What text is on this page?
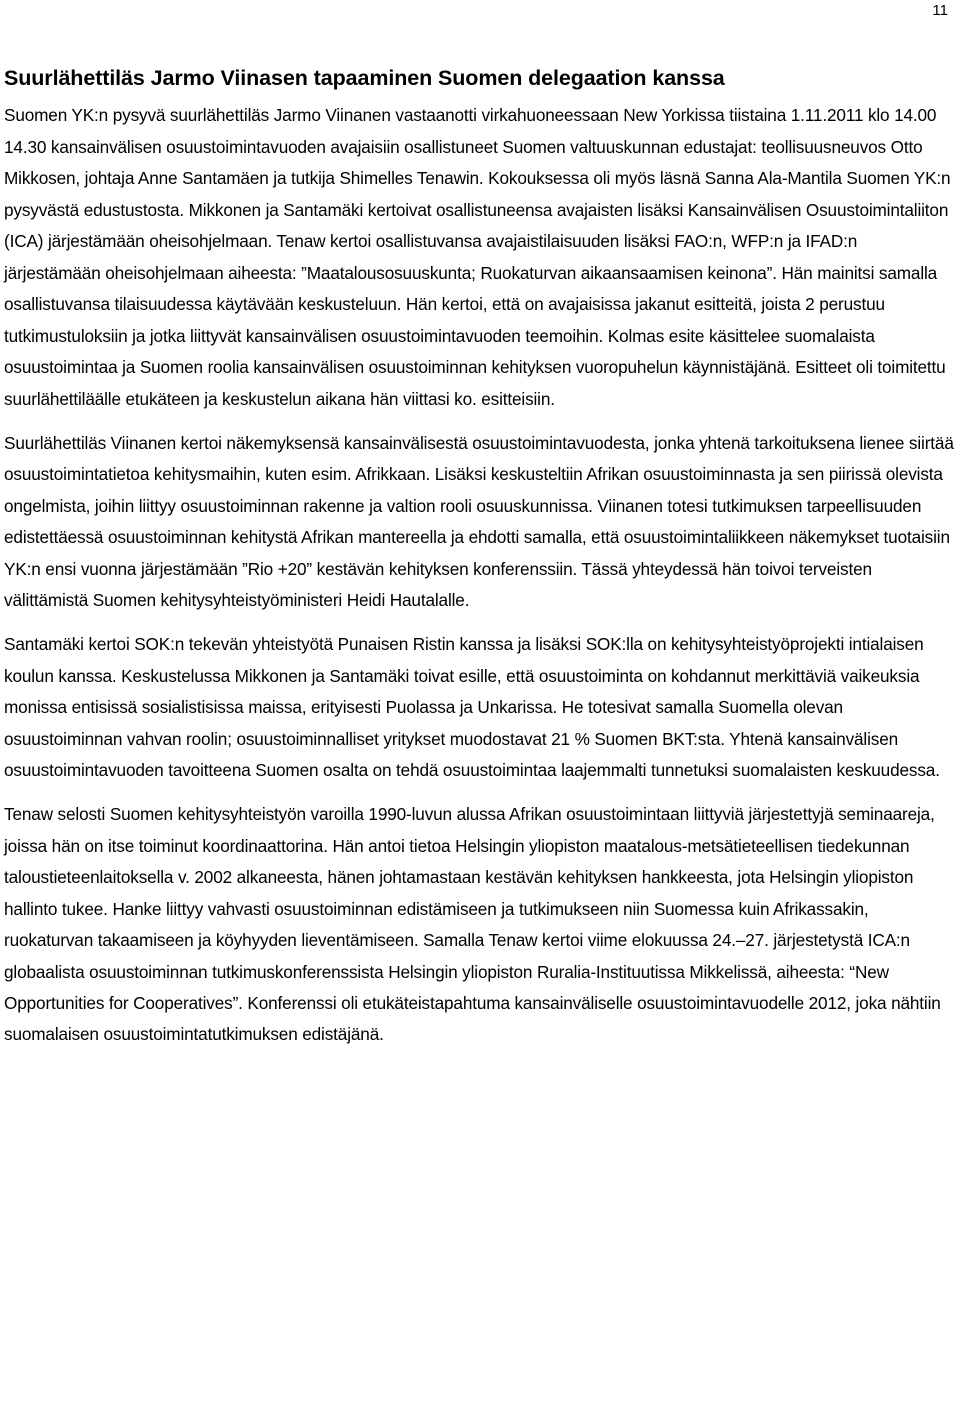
11
Suurlähettiläs Jarmo Viinasen tapaaminen Suomen delegaation kanssa

Suomen YK:n pysyvä suurlähettiläs Jarmo Viinanen vastaanotti virkahuoneessaan New Yorkissa tiistaina 1.11.2011 klo 14.00 14.30 kansainvälisen osuustoimintavuoden avajaisiin osallistuneet Suomen valtuuskunnan edustajat: teollisuusneuvos Otto Mikkosen, johtaja Anne Santamäen ja tutkija Shimelles Tenawin. Kokouksessa oli myös läsnä Sanna Ala-Mantila Suomen YK:n pysyvästä edustustosta. Mikkonen ja Santamäki kertoivat osallistuneensa avajaisten lisäksi Kansainvälisen Osuustoimintaliiton (ICA) järjestämään oheisohjelmaan. Tenaw kertoi osallistuvansa avajaistilaisuuden lisäksi FAO:n, WFP:n ja IFAD:n järjestämään oheisohjelmaan aiheesta: ”Maatalousosuuskunta; Ruokaturvan aikaansaamisen keinona”. Hän mainitsi samalla osallistuvansa tilaisuudessa käytävään keskusteluun. Hän kertoi, että on avajaisissa jakanut esitteitä, joista 2 perustuu tutkimustuloksiin ja jotka liittyvät kansainvälisen osuustoimintavuoden teemoihin. Kolmas esite käsittelee suomalaista osuustoimintaa ja Suomen roolia kansainvälisen osuustoiminnan kehityksen vuoropuhelun käynnistäjänä. Esitteet oli toimitettu suurlähettiläälle etukäteen ja keskustelun aikana hän viittasi ko. esitteisiin.

Suurlähettiläs Viinanen kertoi näkemyksensä kansainvälisestä osuustoimintavuodesta, jonka yhtenä tarkoituksena lienee siirtää osuustoimintatietoa kehitysmaihin, kuten esim. Afrikkaan. Lisäksi keskusteltiin Afrikan osuustoiminnasta ja sen piirissä olevista ongelmista, joihin liittyy osuustoiminnan rakenne ja valtion rooli osuuskunnissa. Viinanen totesi tutkimuksen tarpeellisuuden edistettäessä osuustoiminnan kehitystä Afrikan mantereella ja ehdotti samalla, että osuustoimintaliikkeen näkemykset tuotaisiin YK:n ensi vuonna järjestämään ”Rio +20” kestävän kehityksen konferenssiin. Tässä yhteydessä hän toivoi terveisten välittämistä Suomen kehitysyhteistyöministeri Heidi Hautalalle.

Santamäki kertoi SOK:n tekevän yhteistyötä Punaisen Ristin kanssa ja lisäksi SOK:lla on kehitysyhteistyöprojekti intialaisen koulun kanssa. Keskustelussa Mikkonen ja Santamäki toivat esille, että osuustoiminta on kohdannut merkittäviä vaikeuksia monissa entisissä sosialistisissa maissa, erityisesti Puolassa ja Unkarissa. He totesivat samalla Suomella olevan osuustoiminnan vahvan roolin; osuustoiminnalliset yritykset muodostavat 21 % Suomen BKT:sta. Yhtenä kansainvälisen osuustoimintavuoden tavoitteena Suomen osalta on tehdä osuustoimintaa laajemmalti tunnetuksi suomalaisten keskuudessa.

Tenaw selosti Suomen kehitysyhteistyön varoilla 1990-luvun alussa Afrikan osuustoimintaan liittyviä järjestettyjä seminaareja, joissa hän on itse toiminut koordinaattorina. Hän antoi tietoa Helsingin yliopiston maatalous-metsätieteellisen tiedekunnan taloustieteenlaitoksella v. 2002 alkaneesta, hänen johtamastaan kestävän kehityksen hankkeesta, jota Helsingin yliopiston hallinto tukee. Hanke liittyy vahvasti osuustoiminnan edistämiseen ja tutkimukseen niin Suomessa kuin Afrikassakin, ruokaturvan takaamiseen ja köyhyyden lieventämiseen. Samalla Tenaw kertoi viime elokuussa 24.–27. järjestetystä ICA:n globaalista osuustoiminnan tutkimuskonferenssista Helsingin yliopiston Ruralia-Instituutissa Mikkelissä, aiheesta: “New Opportunities for Cooperatives”. Konferenssi oli etukäteistapahtuma kansainväliselle osuustoimintavuodelle 2012, joka nähtiin suomalaisen osuustoimintatutkimuksen edistäjänä.
